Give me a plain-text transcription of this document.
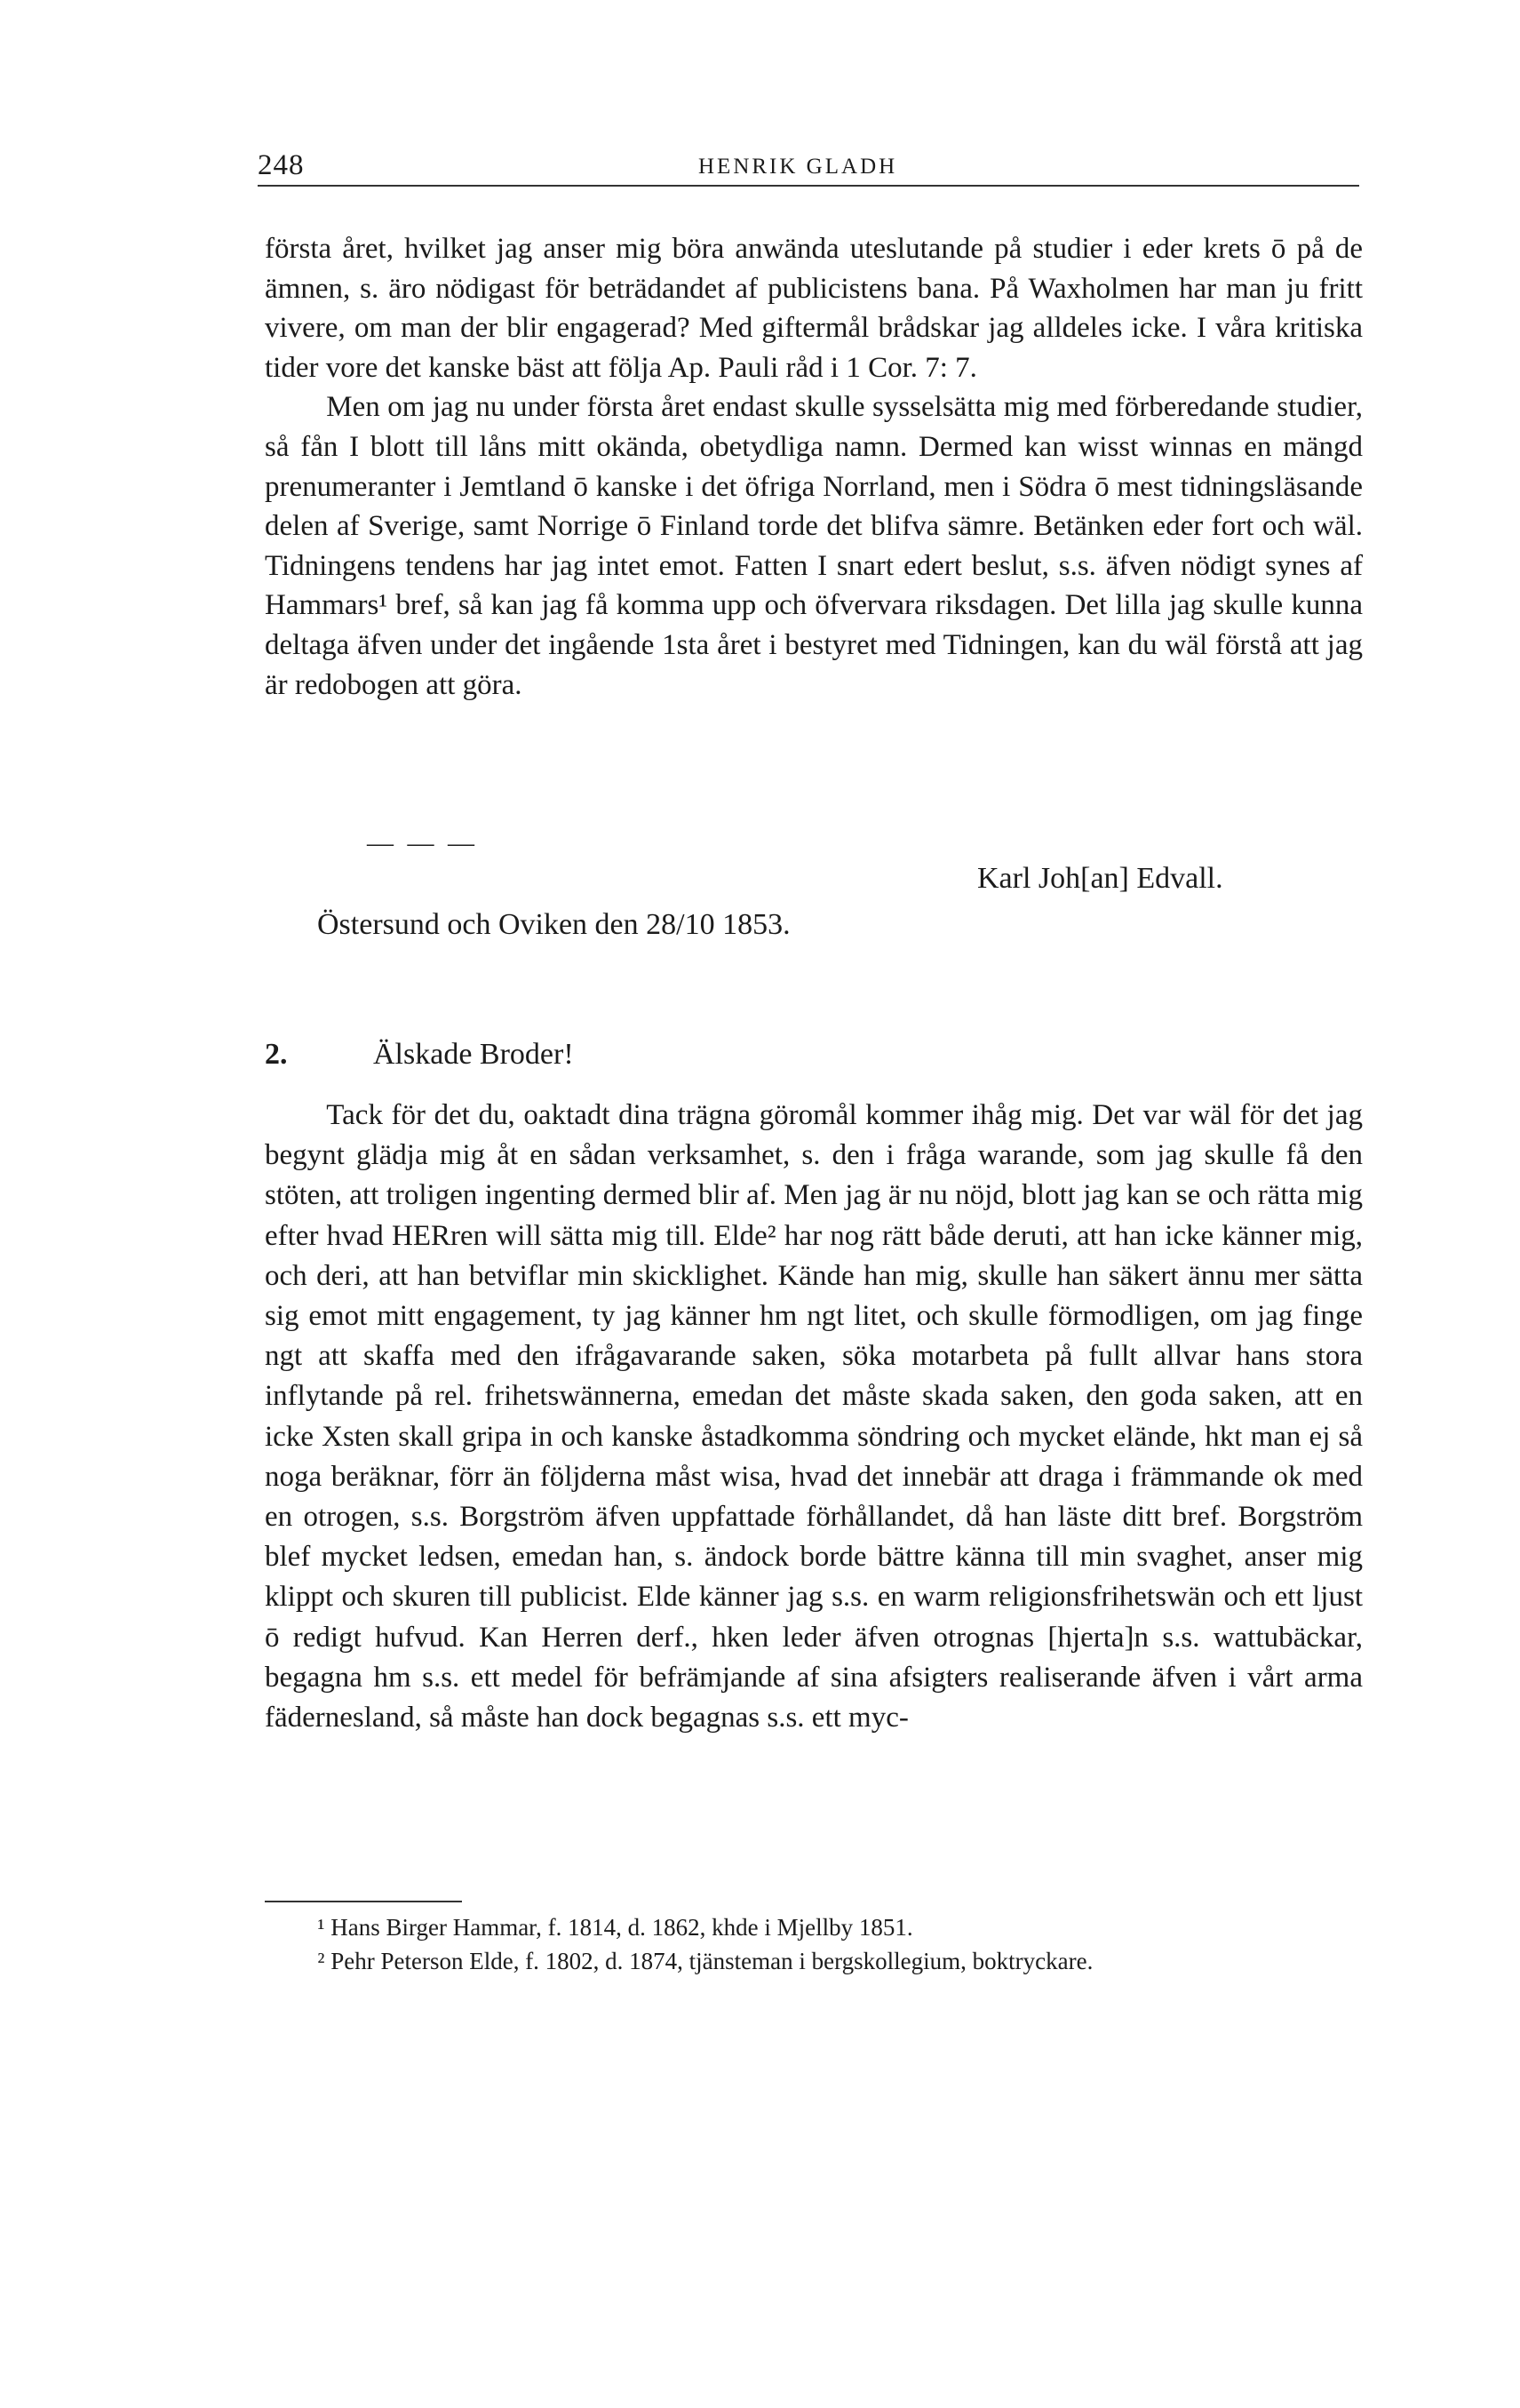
248	HENRIK GLADH

första året, hvilket jag anser mig böra anwända uteslutande på studier i eder krets ō på de ämnen, s. äro nödigast för beträdandet af publicistens bana. På Waxholmen har man ju fritt vivere, om man der blir engagerad? Med giftermål brådskar jag alldeles icke. I våra kritiska tider vore det kanske bäst att följa Ap. Pauli råd i 1 Cor. 7: 7.

Men om jag nu under första året endast skulle sysselsätta mig med förberedande studier, så fån I blott till låns mitt okända, obetydliga namn. Dermed kan wisst winnas en mängd prenumeranter i Jemtland ō kanske i det öfriga Norrland, men i Södra ō mest tidningsläsande delen af Sverige, samt Norrige ō Finland torde det blifva sämre. Betänken eder fort och wäl. Tidningens tendens har jag intet emot. Fatten I snart edert beslut, s.s. äfven nödigt synes af Hammars¹ bref, så kan jag få komma upp och öfvervara riksdagen. Det lilla jag skulle kunna deltaga äfven under det ingående 1sta året i bestyret med Tidningen, kan du wäl förstå att jag är redobogen att göra.

— — —
Karl Joh[an] Edvall.
Östersund och Oviken den 28/10 1853.
2.	Älskade Broder!

Tack för det du, oaktadt dina trägna göromål kommer ihåg mig. Det var wäl för det jag begynt glädja mig åt en sådan verksamhet, s. den i fråga warande, som jag skulle få den stöten, att troligen ingenting dermed blir af. Men jag är nu nöjd, blott jag kan se och rätta mig efter hvad HERren will sätta mig till. Elde² har nog rätt både deruti, att han icke känner mig, och deri, att han betviflar min skicklighet. Kände han mig, skulle han säkert ännu mer sätta sig emot mitt engagement, ty jag känner hm ngt litet, och skulle förmodligen, om jag finge ngt att skaffa med den ifrågavarande saken, söka motarbeta på fullt allvar hans stora inflytande på rel. frihetswännerna, emedan det måste skada saken, den goda saken, att en icke Xsten skall gripa in och kanske åstadkomma söndring och mycket elände, hkt man ej så noga beräknar, förr än följderna måst wisa, hvad det innebär att draga i främmande ok med en otrogen, s.s. Borgström äfven uppfattade förhållandet, då han läste ditt bref. Borgström blef mycket ledsen, emedan han, s. ändock borde bättre känna till min svaghet, anser mig klippt och skuren till publicist. Elde känner jag s.s. en warm religionsfrihetswän och ett ljust ō redigt hufvud. Kan Herren derf., hken leder äfven otrognas [hjerta]n s.s. wattubäckar, begagna hm s.s. ett medel för befrämjande af sina afsigters realiserande äfven i vårt arma fädernesland, så måste han dock begagnas s.s. ett myc-

¹ Hans Birger Hammar, f. 1814, d. 1862, khde i Mjellby 1851.

² Pehr Peterson Elde, f. 1802, d. 1874, tjänsteman i bergskollegium, boktryckare.
